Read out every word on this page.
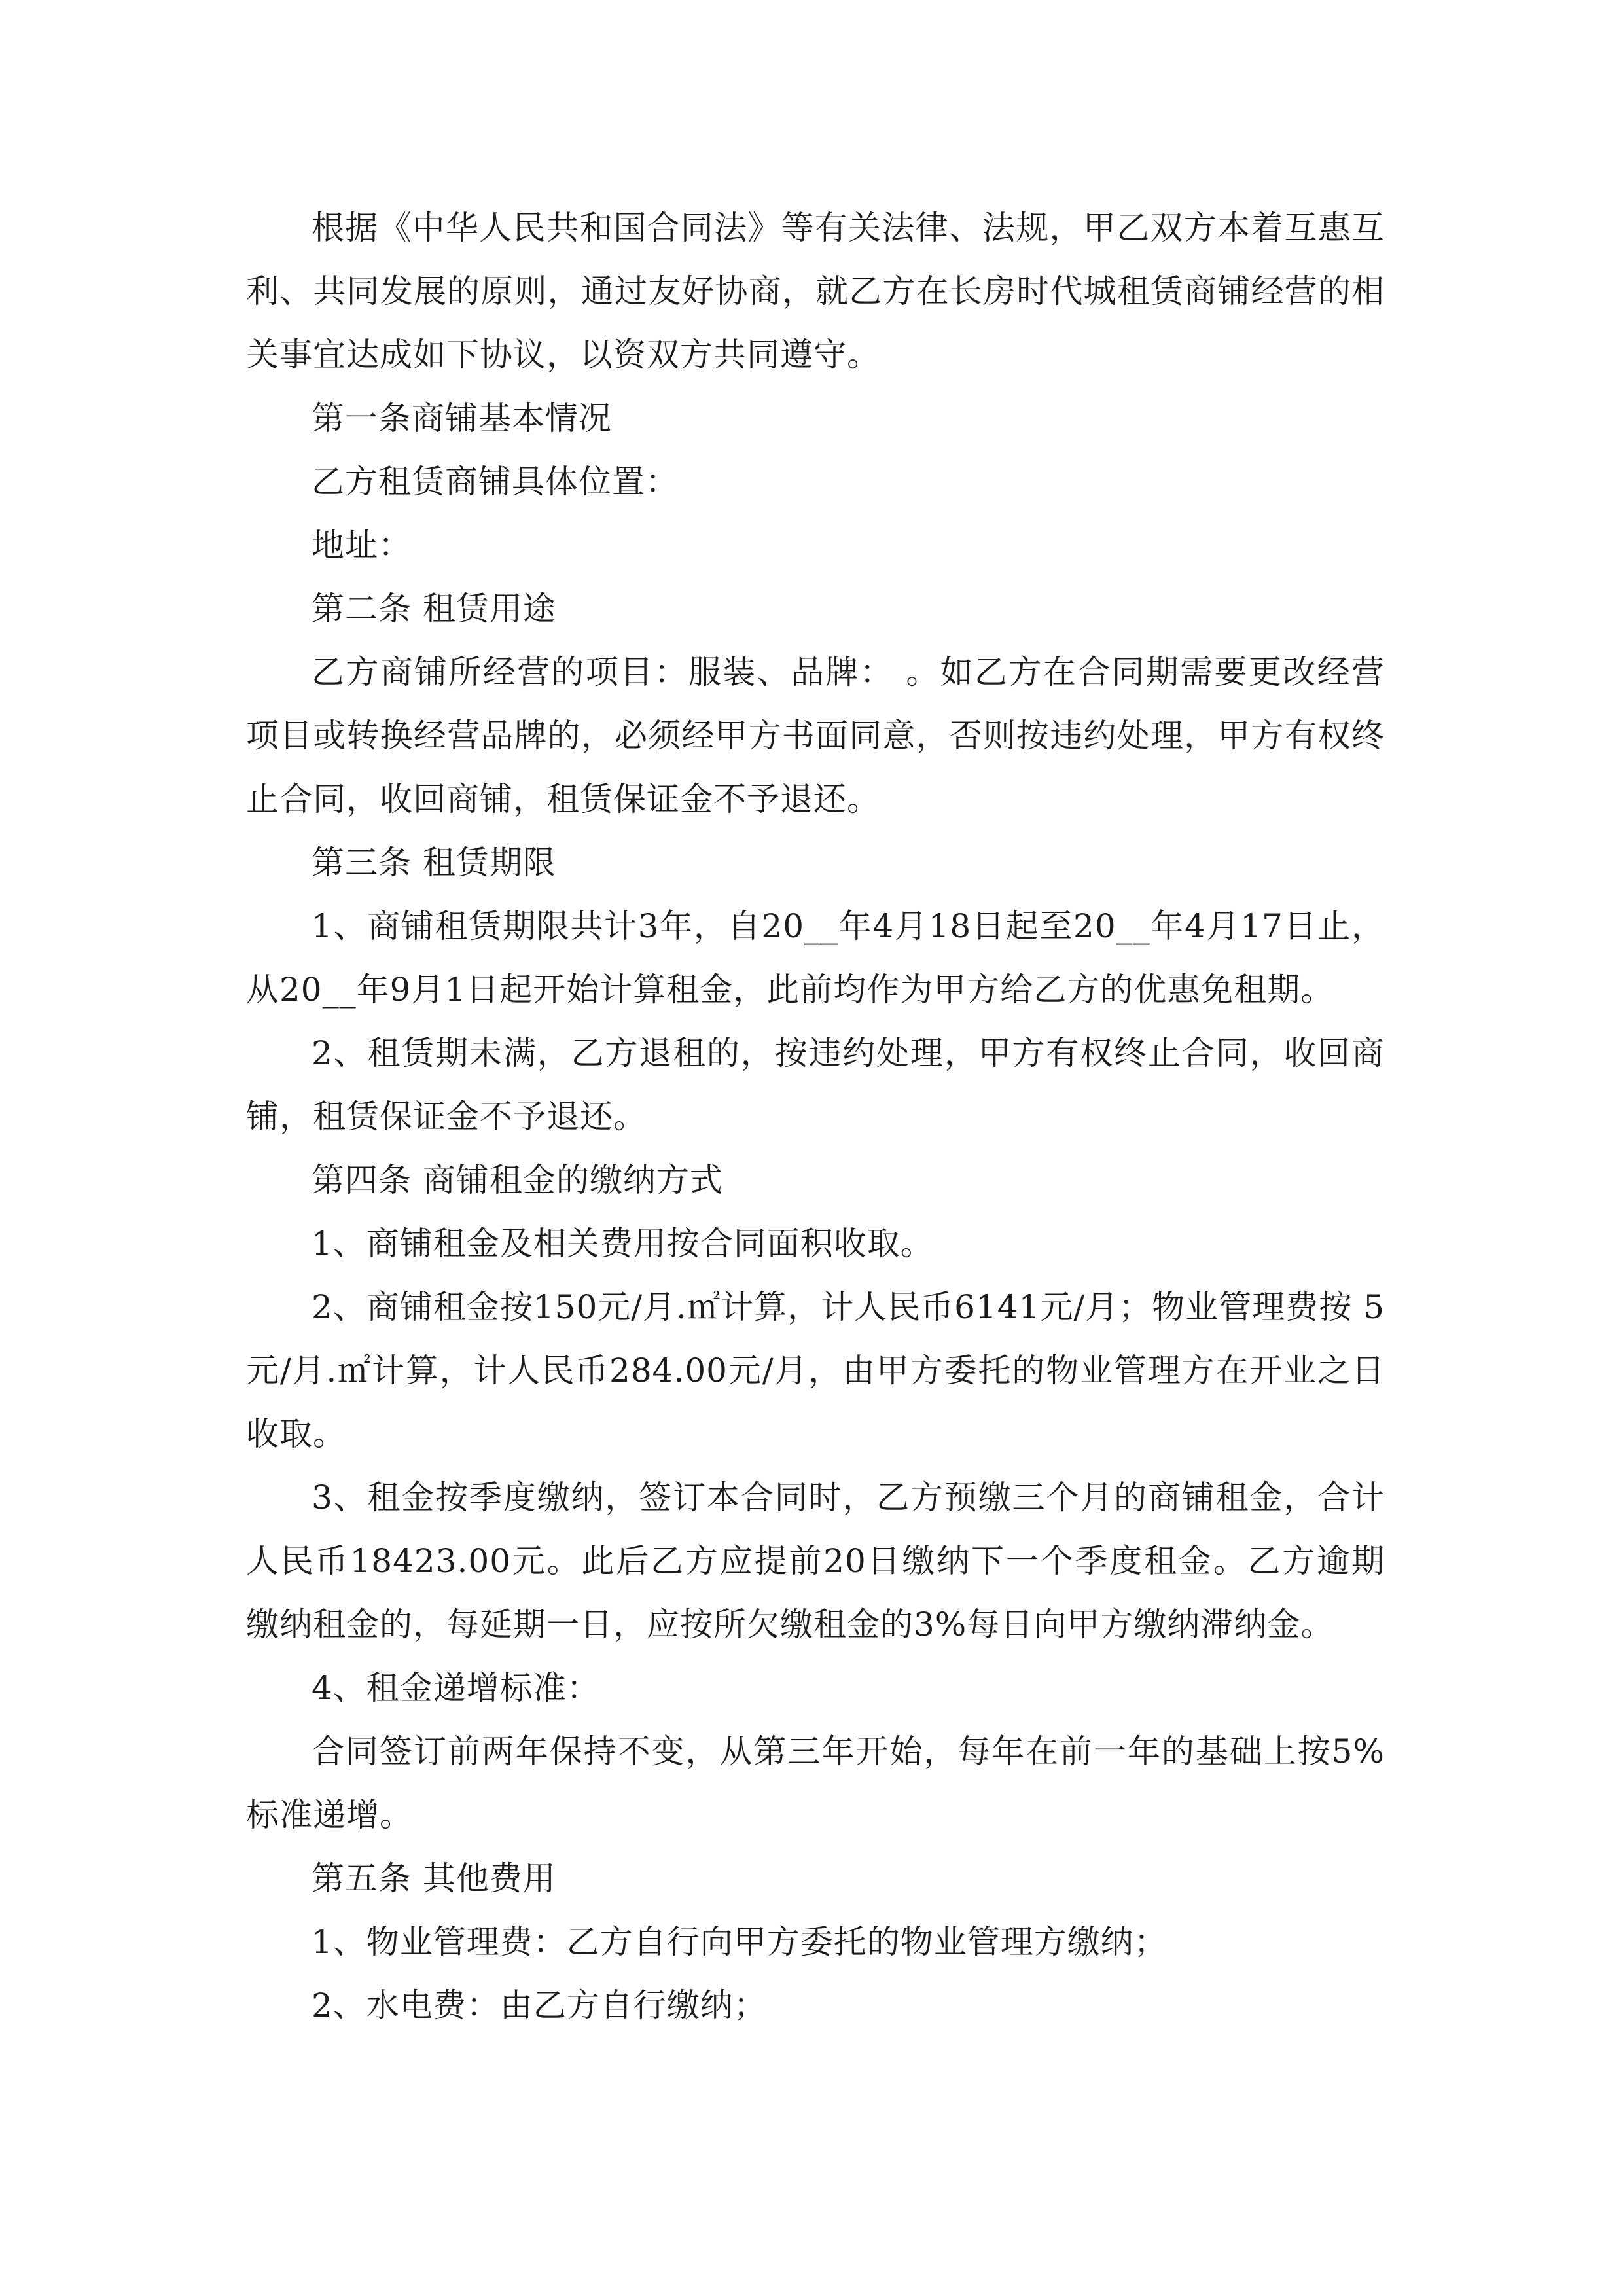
根据《中华人民共和国合同法》等有关法律、法规，甲乙双方本着互惠互利、共同发展的原则，通过友好协商，就乙方在长房时代城租赁商铺经营的相关事宜达成如下协议，以资双方共同遵守。

第一条商铺基本情况

乙方租赁商铺具体位置：

地址：

第二条 租赁用途

乙方商铺所经营的项目：服装、品牌： 。如乙方在合同期需要更改经营项目或转换经营品牌的，必须经甲方书面同意，否则按违约处理，甲方有权终止合同，收回商铺，租赁保证金不予退还。

第三条 租赁期限

1、商铺租赁期限共计3年，自20__年4月18日起至20__年4月17日止，从20__年9月1日起开始计算租金，此前均作为甲方给乙方的优惠免租期。

2、租赁期未满，乙方退租的，按违约处理，甲方有权终止合同，收回商铺，租赁保证金不予退还。

第四条 商铺租金的缴纳方式

1、商铺租金及相关费用按合同面积收取。

2、商铺租金按150元/月.㎡计算，计人民币6141元/月；物业管理费按 5元/月.㎡计算，计人民币284.00元/月，由甲方委托的物业管理方在开业之日收取。

3、租金按季度缴纳，签订本合同时，乙方预缴三个月的商铺租金，合计人民币18423.00元。此后乙方应提前20日缴纳下一个季度租金。乙方逾期缴纳租金的，每延期一日，应按所欠缴租金的3%每日向甲方缴纳滞纳金。

4、租金递增标准：

合同签订前两年保持不变，从第三年开始，每年在前一年的基础上按5%标准递增。

第五条 其他费用

1、物业管理费：乙方自行向甲方委托的物业管理方缴纳；

2、水电费：由乙方自行缴纳；
